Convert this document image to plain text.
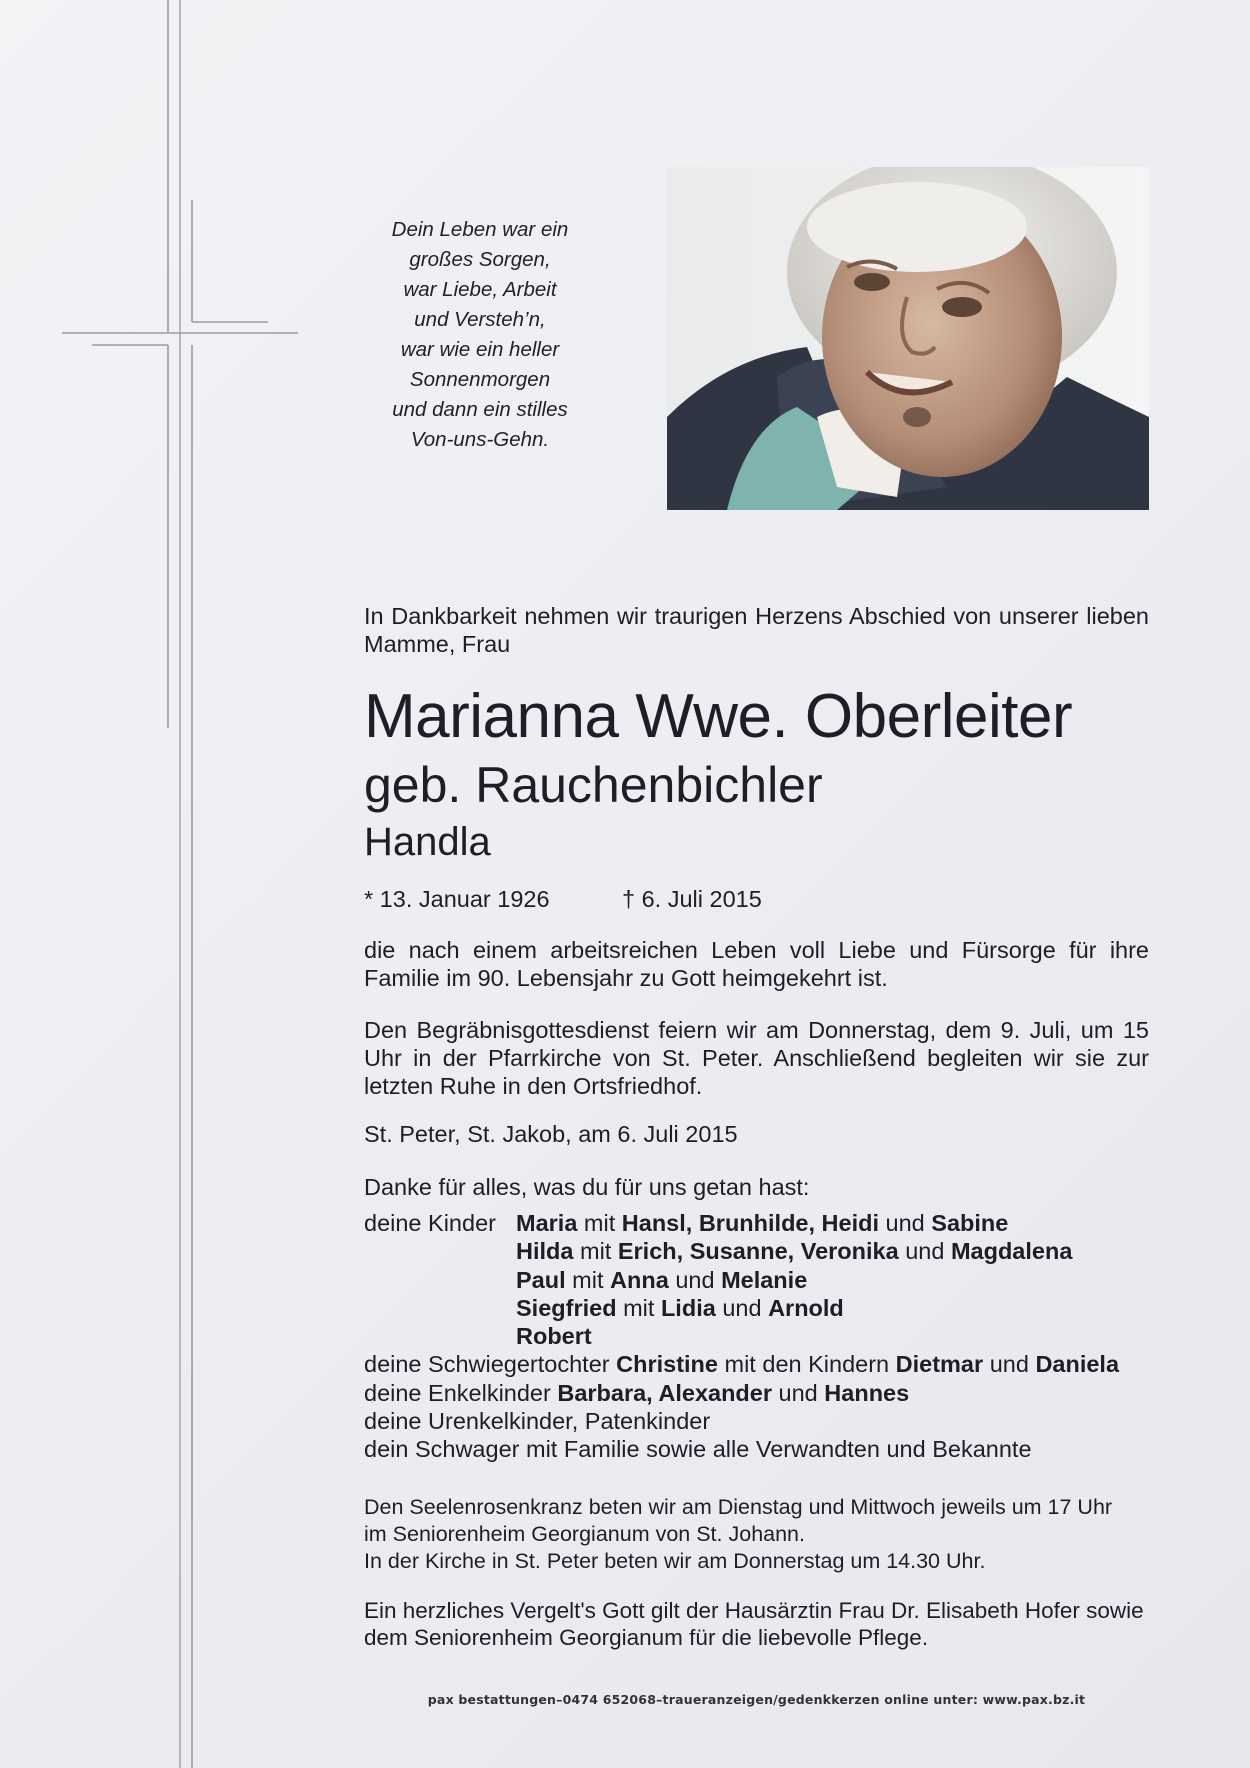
Dein Leben war ein
großes Sorgen,
war Liebe, Arbeit
und Versteh’n,
war wie ein heller
Sonnenmorgen
und dann ein stilles
Von-uns-Gehn.
In Dankbarkeit nehmen wir traurigen Herzens Abschied von unserer lieben Mamme, Frau
Marianna Wwe. Oberleiter
geb. Rauchenbichler
Handla
* 13. Januar 1926	† 6. Juli 2015
die nach einem arbeitsreichen Leben voll Liebe und Fürsorge für ihre Familie im 90. Lebensjahr zu Gott heimgekehrt ist.
Den Begräbnisgottesdienst feiern wir am Donnerstag, dem 9. Juli, um 15 Uhr in der Pfarrkirche von St. Peter. Anschließend begleiten wir sie zur letzten Ruhe in den Ortsfriedhof.
St. Peter, St. Jakob, am 6. Juli 2015
Danke für alles, was du für uns getan hast:
deine Kinder Maria mit Hansl, Brunhilde, Heidi und Sabine
Hilda mit Erich, Susanne, Veronika und Magdalena
Paul mit Anna und Melanie
Siegfried mit Lidia und Arnold
Robert
deine Schwiegertochter Christine mit den Kindern Dietmar und Daniela
deine Enkelkinder Barbara, Alexander und Hannes
deine Urenkelkinder, Patenkinder
dein Schwager mit Familie sowie alle Verwandten und Bekannte
Den Seelenrosenkranz beten wir am Dienstag und Mittwoch jeweils um 17 Uhr
im Seniorenheim Georgianum von St. Johann.
In der Kirche in St. Peter beten wir am Donnerstag um 14.30 Uhr.
Ein herzliches Vergelt's Gott gilt der Hausärztin Frau Dr. Elisabeth Hofer sowie
dem Seniorenheim Georgianum für die liebevolle Pflege.
pax bestattungen–0474 652068–traueranzeigen/gedenkkerzen online unter: www.pax.bz.it
